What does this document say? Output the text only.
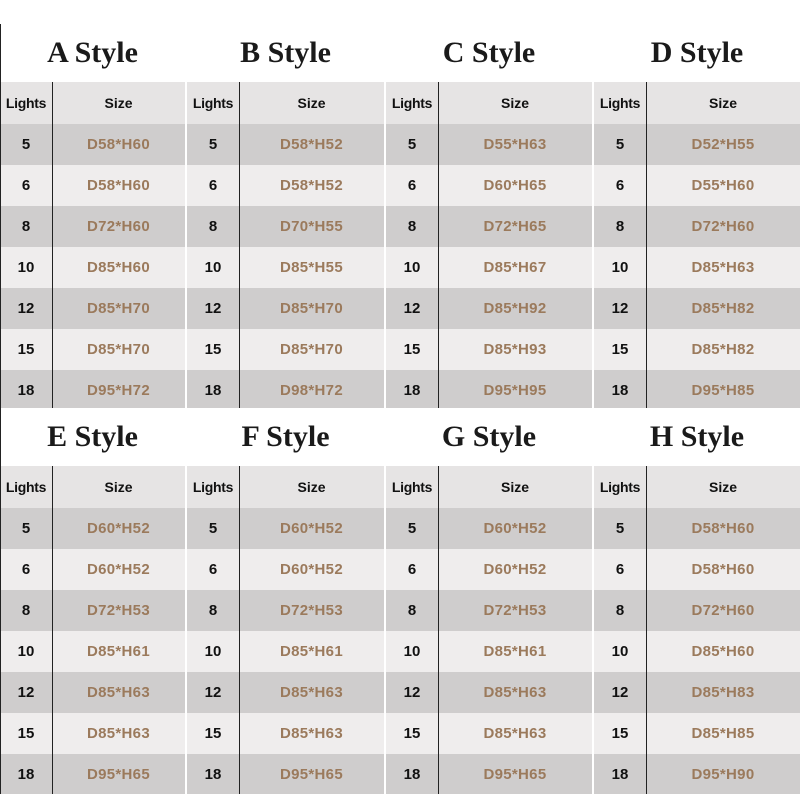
A Style
Lights	Size
5	D58*H60
6	D58*H60
8	D72*H60
10	D85*H60
12	D85*H70
15	D85*H70
18	D95*H72
B Style
Lights	Size
5	D58*H52
6	D58*H52
8	D70*H55
10	D85*H55
12	D85*H70
15	D85*H70
18	D98*H72
C Style
Lights	Size
5	D55*H63
6	D60*H65
8	D72*H65
10	D85*H67
12	D85*H92
15	D85*H93
18	D95*H95
D Style
Lights	Size
5	D52*H55
6	D55*H60
8	D72*H60
10	D85*H63
12	D85*H82
15	D85*H82
18	D95*H85
E Style
Lights	Size
5	D60*H52
6	D60*H52
8	D72*H53
10	D85*H61
12	D85*H63
15	D85*H63
18	D95*H65
F Style
Lights	Size
5	D60*H52
6	D60*H52
8	D72*H53
10	D85*H61
12	D85*H63
15	D85*H63
18	D95*H65
G Style
Lights	Size
5	D60*H52
6	D60*H52
8	D72*H53
10	D85*H61
12	D85*H63
15	D85*H63
18	D95*H65
H Style
Lights	Size
5	D58*H60
6	D58*H60
8	D72*H60
10	D85*H60
12	D85*H83
15	D85*H85
18	D95*H90
